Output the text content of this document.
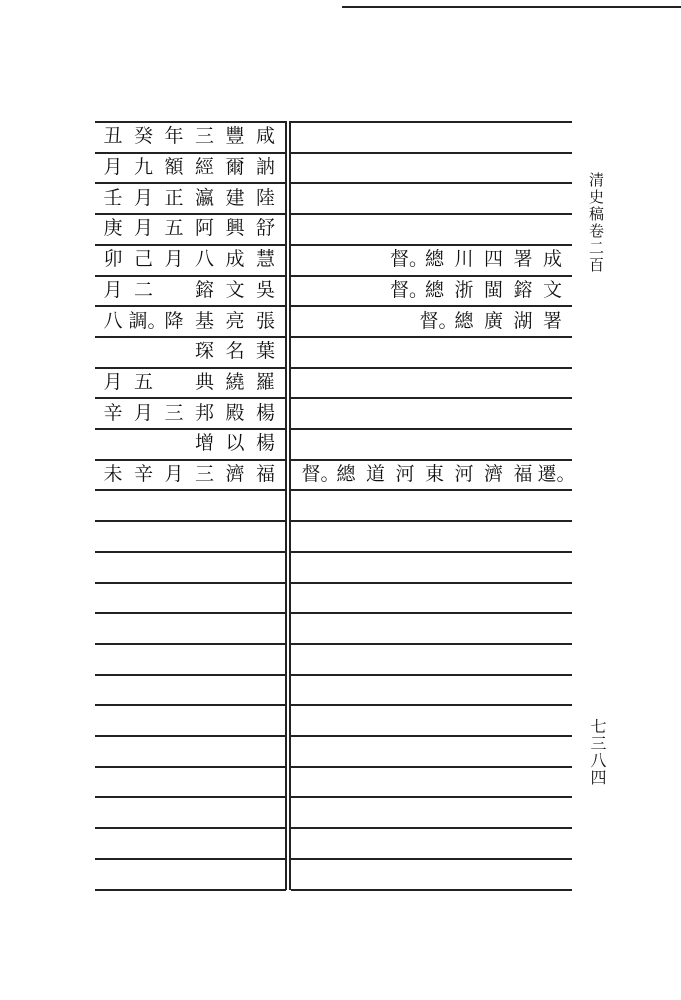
清史稿卷二百
七三八四
丑 癸 年 三 豐 咸
月 九 額 經 爾 訥
壬 月 正 瀛 建 陸
庚 月 五 阿 興 舒
卯 己 月 八 成 慧
月 二 鎔 文 吳
八 調。
降 基 亮 張
琛 名 葉
月 五 典 繞 羅
辛 月 三 邦 殿 楊
增 以 楊
未 辛 月 三 濟 福
督。
總 川 四 署 成
督。
總 浙 閩 鎔 文
督。
總 廣 湖 署
督。
總 道 河 東 河 濟 福 遷。
